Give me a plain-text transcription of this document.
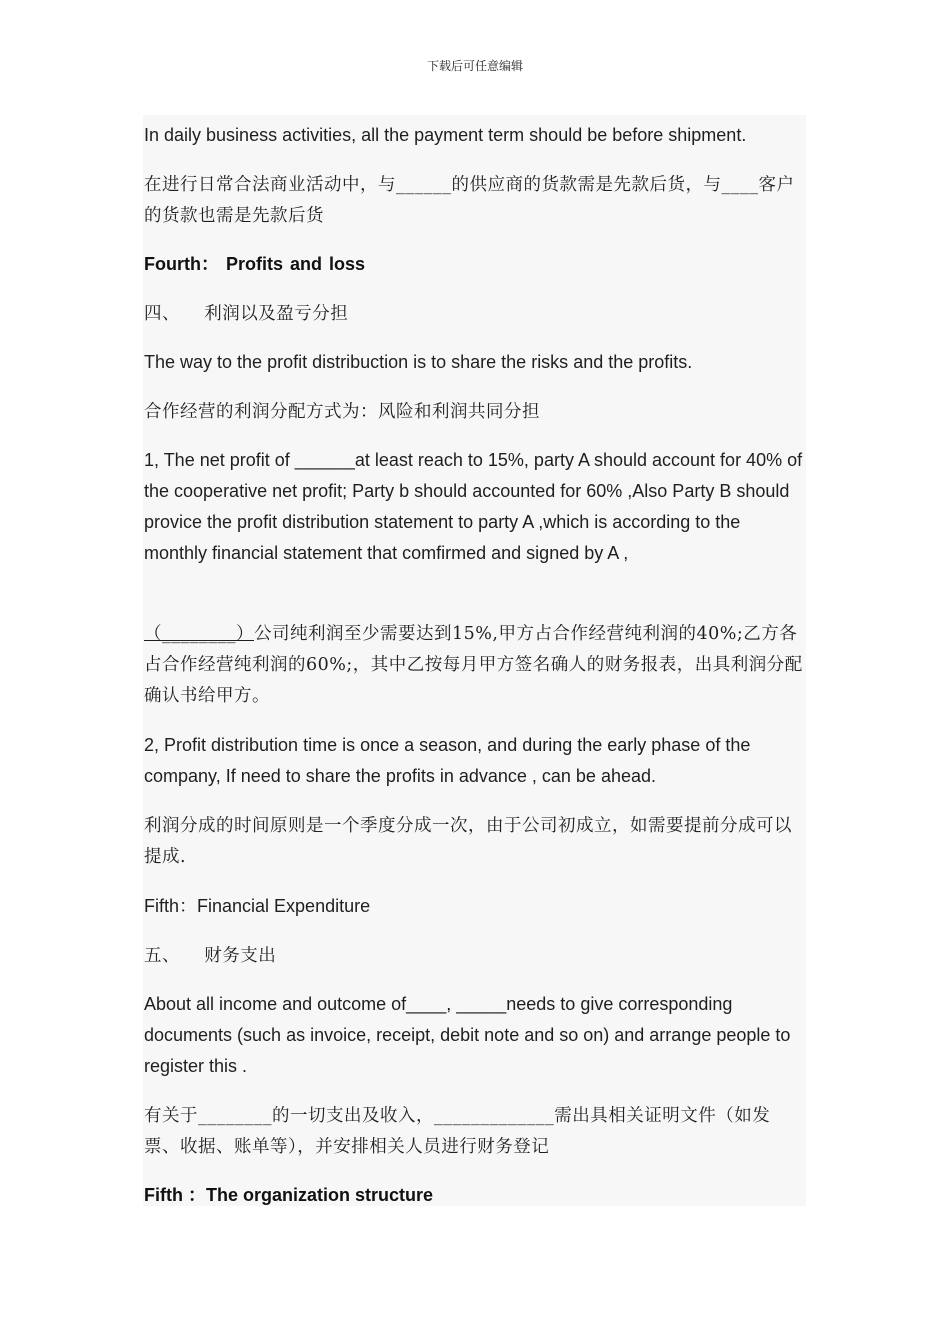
下载后可任意编辑
In daily business activities, all the payment term should be before shipment.
在进行日常合法商业活动中，与______的供应商的货款需是先款后货，与____客户的货款也需是先款后货
Fourth： Profits and loss
四、    利润以及盈亏分担
The way to the profit distribuction is to share the risks and the profits.
合作经营的利润分配方式为：风险和利润共同分担
1, The net profit of ______at least reach to 15%, party A should account for 40% of the cooperative net profit; Party b should accounted for 60% ,Also Party B should provice the profit distribution statement to party A ,which is according to the monthly financial statement that comfirmed and signed by A ,
（________）公司纯利润至少需要达到15%,甲方占合作经营纯利润的40%;乙方各占合作经营纯利润的60%;，其中乙按每月甲方签名确人的财务报表，出具利润分配确认书给甲方。
2, Profit distribution time is once a season, and during the early phase of the company, If need to share the profits in advance , can be ahead.
利润分成的时间原则是一个季度分成一次，由于公司初成立，如需要提前分成可以提成.
Fifth：Financial Expenditure
五、    财务支出
About all income and outcome of____, _____needs to give corresponding documents (such as invoice, receipt, debit note and so on) and arrange people to register this .
有关于________的一切支出及收入，_____________需出具相关证明文件（如发票、收据、账单等），并安排相关人员进行财务登记
Fifth ：The organization structure
